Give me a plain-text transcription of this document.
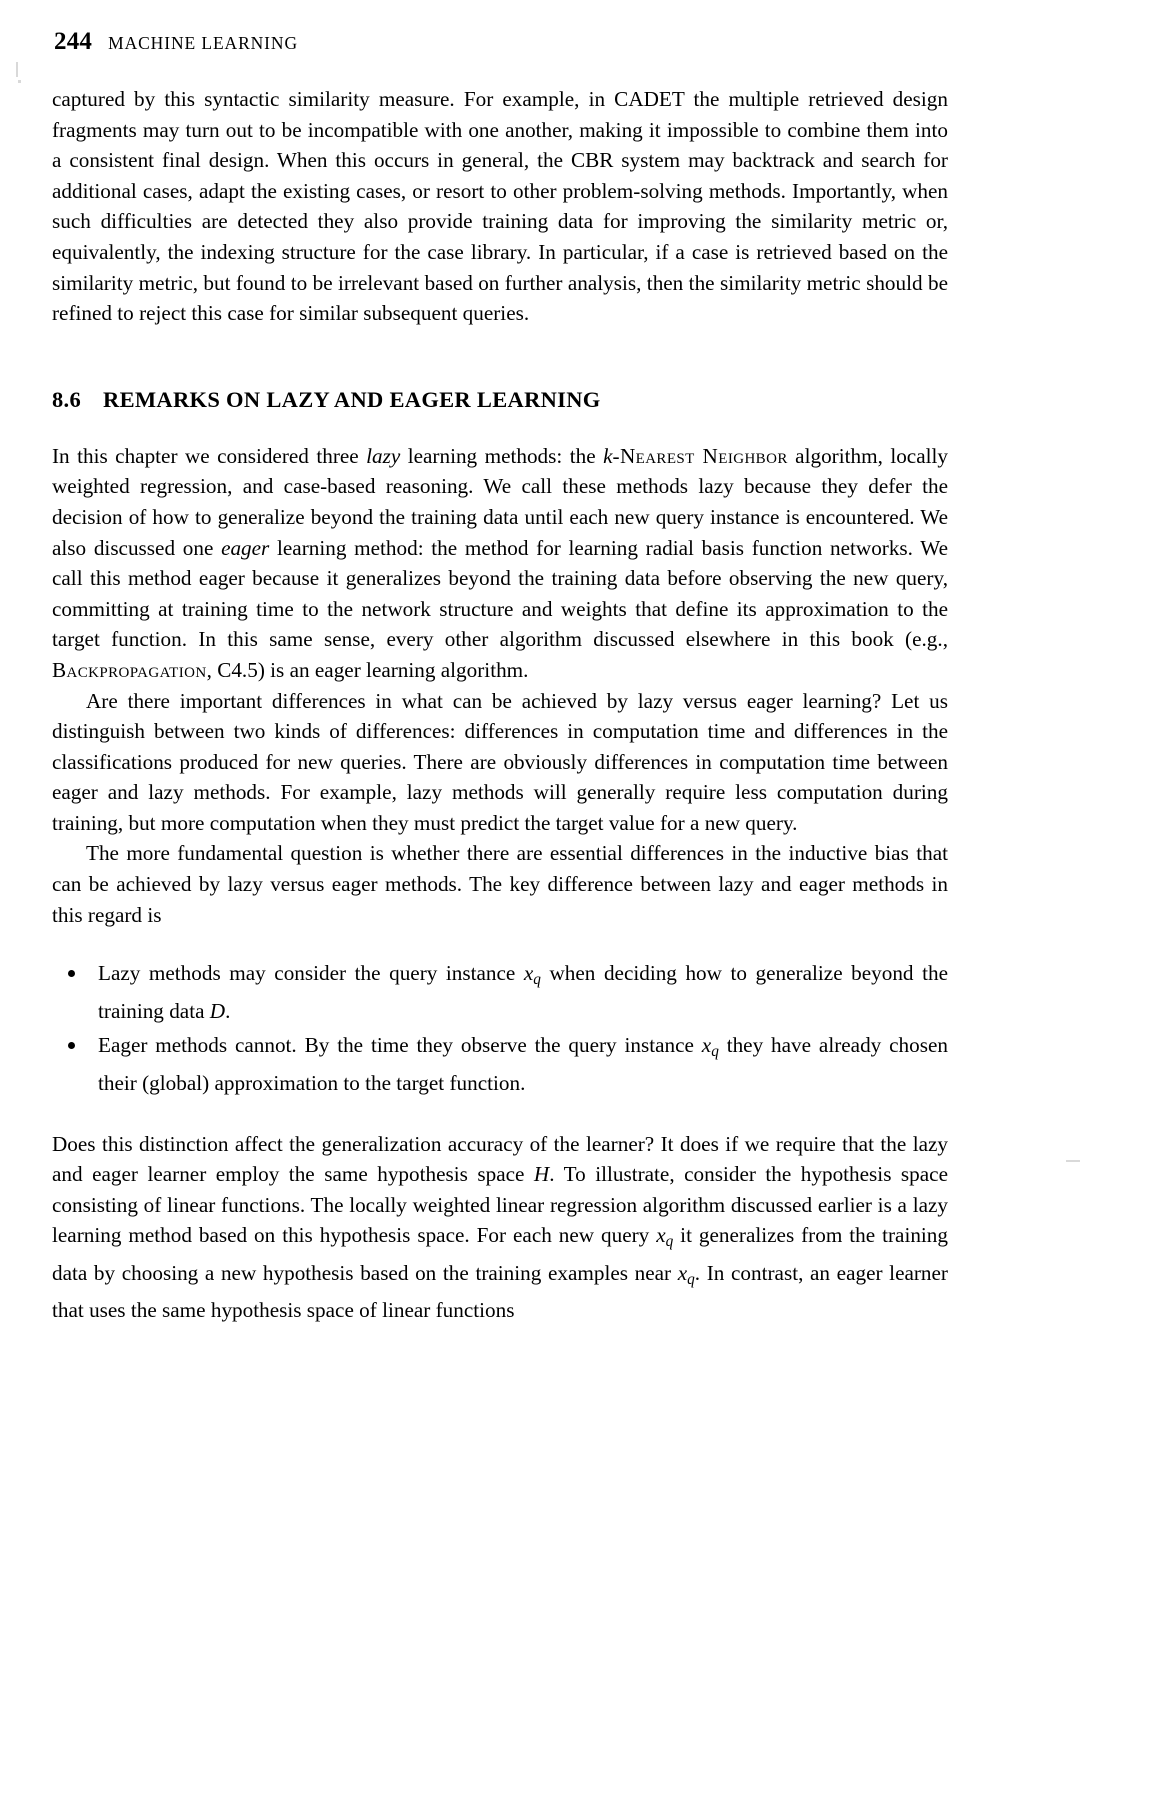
244 MACHINE LEARNING

captured by this syntactic similarity measure. For example, in CADET the multiple retrieved design fragments may turn out to be incompatible with one another, making it impossible to combine them into a consistent final design. When this occurs in general, the CBR system may backtrack and search for additional cases, adapt the existing cases, or resort to other problem-solving methods. Importantly, when such difficulties are detected they also provide training data for improving the similarity metric or, equivalently, the indexing structure for the case library. In particular, if a case is retrieved based on the similarity metric, but found to be irrelevant based on further analysis, then the similarity metric should be refined to reject this case for similar subsequent queries.

8.6 REMARKS ON LAZY AND EAGER LEARNING

In this chapter we considered three lazy learning methods: the k-Nearest Neighbor algorithm, locally weighted regression, and case-based reasoning. We call these methods lazy because they defer the decision of how to generalize beyond the training data until each new query instance is encountered. We also discussed one eager learning method: the method for learning radial basis function networks. We call this method eager because it generalizes beyond the training data before observing the new query, committing at training time to the network structure and weights that define its approximation to the target function. In this same sense, every other algorithm discussed elsewhere in this book (e.g., Backpropagation, C4.5) is an eager learning algorithm.

Are there important differences in what can be achieved by lazy versus eager learning? Let us distinguish between two kinds of differences: differences in computation time and differences in the classifications produced for new queries. There are obviously differences in computation time between eager and lazy methods. For example, lazy methods will generally require less computation during training, but more computation when they must predict the target value for a new query.

The more fundamental question is whether there are essential differences in the inductive bias that can be achieved by lazy versus eager methods. The key difference between lazy and eager methods in this regard is

Lazy methods may consider the query instance $x_q$ when deciding how to generalize beyond the training data D.
Eager methods cannot. By the time they observe the query instance $x_q$ they have already chosen their (global) approximation to the target function.

Does this distinction affect the generalization accuracy of the learner? It does if we require that the lazy and eager learner employ the same hypothesis space H. To illustrate, consider the hypothesis space consisting of linear functions. The locally weighted linear regression algorithm discussed earlier is a lazy learning method based on this hypothesis space. For each new query $x_q$ it generalizes from the training data by choosing a new hypothesis based on the training examples near $x_q$. In contrast, an eager learner that uses the same hypothesis space of linear functions
